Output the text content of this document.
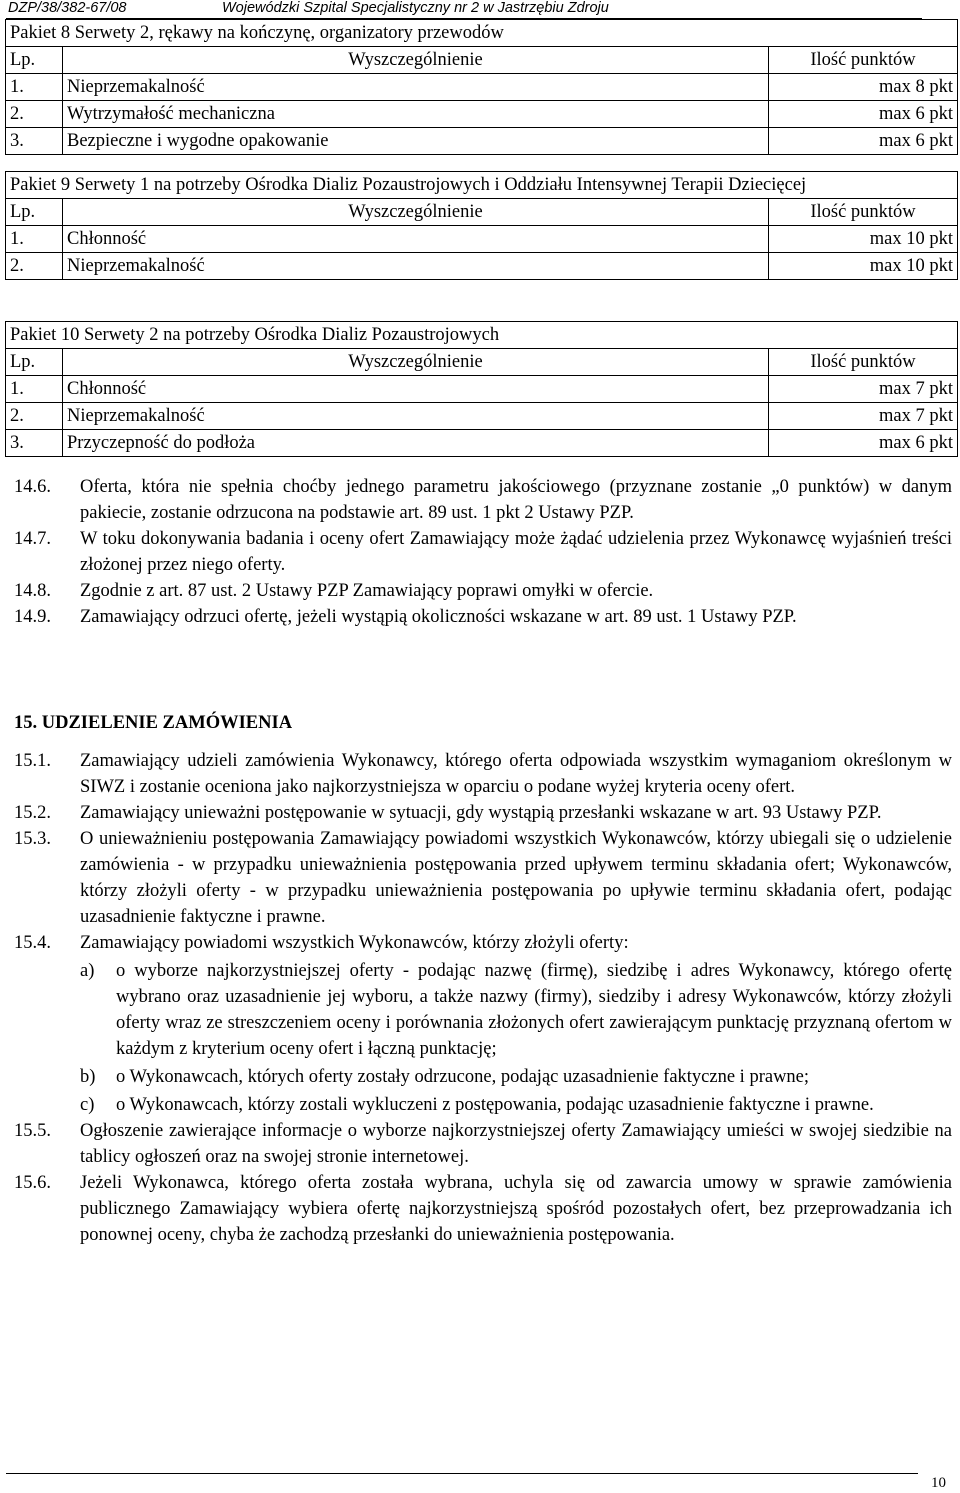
DZP/38/382-67/08	Wojewódzki Szpital Specjalistyczny nr 2 w Jastrzębiu Zdroju
Pakiet 8 Serwety 2, rękawy na kończynę, organizatory przewodów		
Lp.	Wyszczególnienie	Ilość punktów
1.	Nieprzemakalność	max 8 pkt
2.	Wytrzymałość mechaniczna	max 6 pkt
3.	Bezpieczne i wygodne opakowanie	max 6 pkt
Pakiet 9 Serwety 1 na potrzeby Ośrodka Dializ Pozaustrojowych i Oddziału Intensywnej Terapii Dziecięcej		
Lp.	Wyszczególnienie	Ilość punktów
1.	Chłonność	max 10 pkt
2.	Nieprzemakalność	max 10 pkt
Pakiet 10 Serwety 2 na potrzeby Ośrodka Dializ Pozaustrojowych		
Lp.	Wyszczególnienie	Ilość punktów
1.	Chłonność	max 7 pkt
2.	Nieprzemakalność	max 7 pkt
3.	Przyczepność do podłoża	max 6 pkt

14.6. Oferta, która nie spełnia choćby jednego parametru jakościowego (przyznane zostanie „0 punktów) w danym pakiecie, zostanie odrzucona na podstawie art. 89 ust. 1 pkt 2 Ustawy PZP.

14.7. W toku dokonywania badania i oceny ofert Zamawiający może żądać udzielenia przez Wykonawcę wyjaśnień treści złożonej przez niego oferty.

14.8. Zgodnie z art. 87 ust. 2 Ustawy PZP Zamawiający poprawi omyłki w ofercie.

14.9. Zamawiający odrzuci ofertę, jeżeli wystąpią okoliczności wskazane w art. 89 ust. 1 Ustawy PZP.

15. UDZIELENIE ZAMÓWIENIA

15.1. Zamawiający udzieli zamówienia Wykonawcy, którego oferta odpowiada wszystkim wymaganiom określonym w SIWZ i zostanie oceniona jako najkorzystniejsza w oparciu o podane wyżej kryteria oceny ofert.

15.2. Zamawiający unieważni postępowanie w sytuacji, gdy wystąpią przesłanki wskazane w art. 93 Ustawy PZP.

15.3. O unieważnieniu postępowania Zamawiający powiadomi wszystkich Wykonawców, którzy ubiegali się o udzielenie zamówienia - w przypadku unieważnienia postępowania przed upływem terminu składania ofert; Wykonawców, którzy złożyli oferty - w przypadku unieważnienia postępowania po upływie terminu składania ofert, podając uzasadnienie faktyczne i prawne.

15.4. Zamawiający powiadomi wszystkich Wykonawców, którzy złożyli oferty:

a) o wyborze najkorzystniejszej oferty - podając nazwę (firmę), siedzibę i adres Wykonawcy, którego ofertę wybrano oraz uzasadnienie jej wyboru, a także nazwy (firmy), siedziby i adresy Wykonawców, którzy złożyli oferty wraz ze streszczeniem oceny i porównania złożonych ofert zawierającym punktację przyznaną ofertom w każdym z kryterium oceny ofert i łączną punktację;

b) o Wykonawcach, których oferty zostały odrzucone, podając uzasadnienie faktyczne i prawne;

c) o Wykonawcach, którzy zostali wykluczeni z postępowania, podając uzasadnienie faktyczne i prawne.

15.5. Ogłoszenie zawierające informacje o wyborze najkorzystniejszej oferty Zamawiający umieści w swojej siedzibie na tablicy ogłoszeń oraz na swojej stronie internetowej.

15.6. Jeżeli Wykonawca, którego oferta została wybrana, uchyla się od zawarcia umowy w sprawie zamówienia publicznego Zamawiający wybiera ofertę najkorzystniejszą spośród pozostałych ofert, bez przeprowadzania ich ponownej oceny, chyba że zachodzą przesłanki do unieważnienia postępowania.

10
